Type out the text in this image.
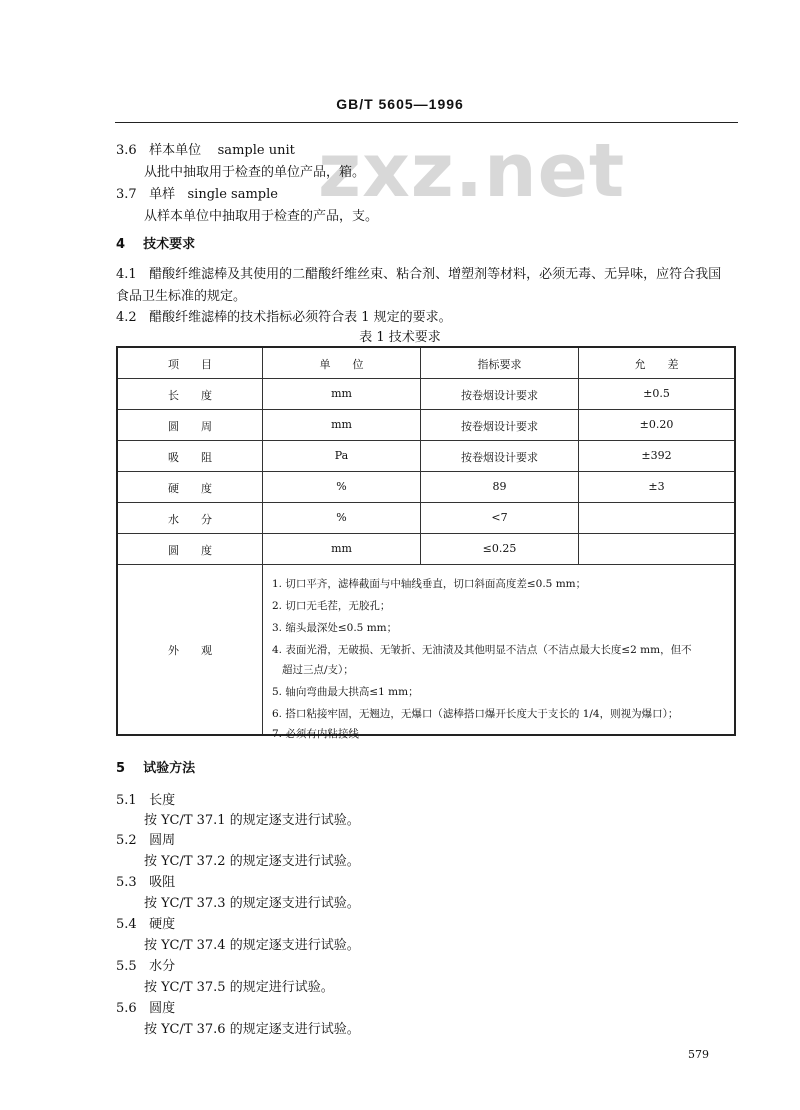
GB/T 5605—1996
zxz.net
3.6 样本单位 sample unit
从批中抽取用于检查的单位产品，箱。
3.7 单样 single sample
从样本单位中抽取用于检查的产品，支。
4 技术要求
4.1 醋酸纤维滤棒及其使用的二醋酸纤维丝束、粘合剂、增塑剂等材料，必须无毒、无异味，应符合我国
食品卫生标准的规定。
4.2 醋酸纤维滤棒的技术指标必须符合表 1 规定的要求。
表 1 技术要求
项　　目	单　　位	指标要求	允　　差
长　　度	mm	按卷烟设计要求	±0.5
圆　　周	mm	按卷烟设计要求	±0.20
吸　　阻	Pa	按卷烟设计要求	±392
硬　　度	%	89	±3
水　　分	%	<7
圆　　度	mm	≤0.25
外　　观
1. 切口平齐，滤棒截面与中轴线垂直，切口斜面高度差≤0.5 mm；
2. 切口无毛茬，无胶孔；
3. 缩头最深处≤0.5 mm；
4. 表面光滑，无破损、无皱折、无油渍及其他明显不洁点（不洁点最大长度≤2 mm，但不
超过三点/支）；
5. 轴向弯曲最大拱高≤1 mm；
6. 搭口粘接牢固，无翘边，无爆口（滤棒搭口爆开长度大于支长的 1/4，则视为爆口）；
7. 必须有内粘接线
5 试验方法
5.1 长度
按 YC/T 37.1 的规定逐支进行试验。
5.2 圆周
按 YC/T 37.2 的规定逐支进行试验。
5.3 吸阻
按 YC/T 37.3 的规定逐支进行试验。
5.4 硬度
按 YC/T 37.4 的规定逐支进行试验。
5.5 水分
按 YC/T 37.5 的规定进行试验。
5.6 圆度
按 YC/T 37.6 的规定逐支进行试验。
579
